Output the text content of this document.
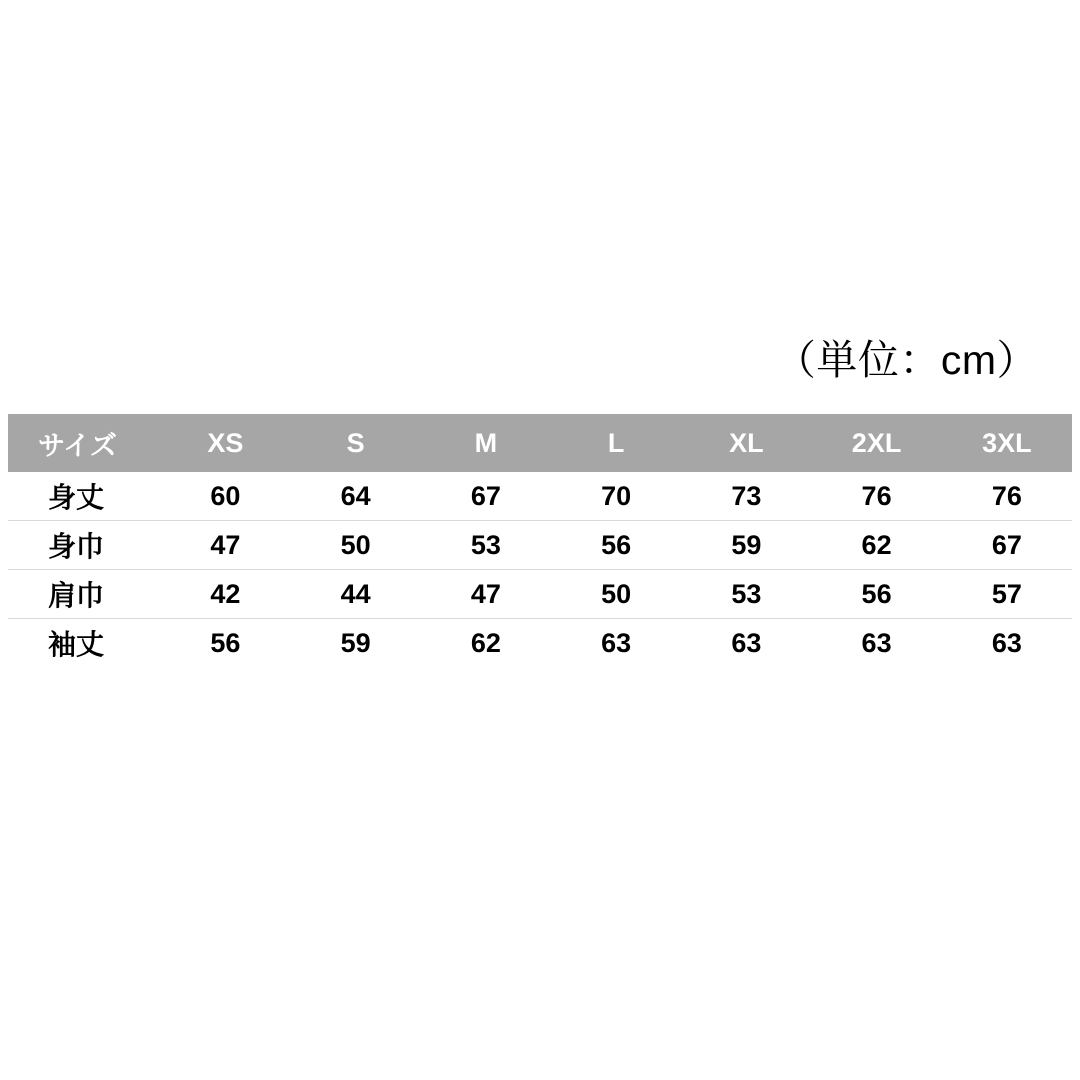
（単位：cm）
サイズ	XS	S	M	L	XL	2XL	3XL
身丈	60	64	67	70	73	76	76
身巾	47	50	53	56	59	62	67
肩巾	42	44	47	50	53	56	57
袖丈	56	59	62	63	63	63	63
